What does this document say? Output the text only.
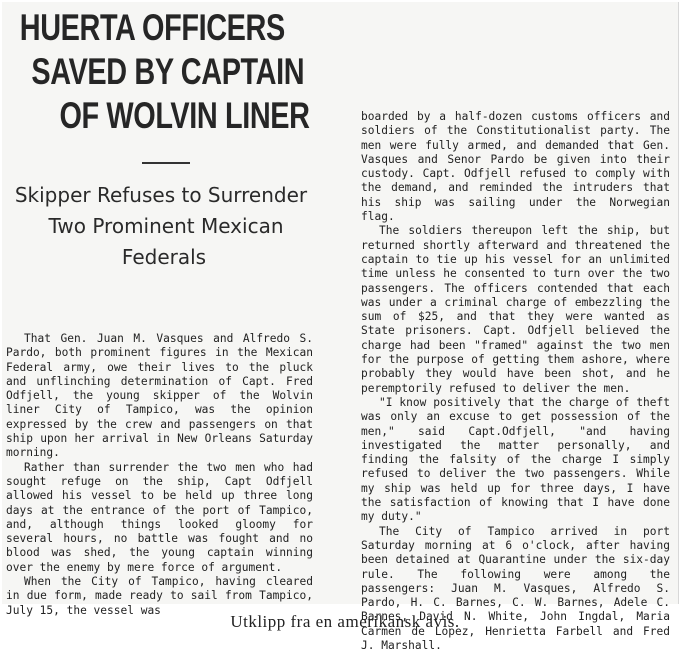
HUERTA OFFICERS
SAVED BY CAPTAIN
OF WOLVIN LINER
Skipper Refuses to Surrender
Two Prominent Mexican
Federals

That Gen. Juan M. Vasques and Alfredo S. Pardo, both prominent figures in the Mexican Federal army, owe their lives to the pluck and unflinching determination of Capt. Fred Odfjell, the young skipper of the Wolvin liner City of Tampico, was the opinion expressed by the crew and passengers on that ship upon her arrival in New Orleans Saturday morning.

Rather than surrender the two men who had sought refuge on the ship, Capt Odfjell allowed his vessel to be held up three long days at the entrance of the port of Tampico, and, although things looked gloomy for several hours, no battle was fought and no blood was shed, the young captain winning over the enemy by mere force of argument.

When the City of Tampico, having cleared in due form, made ready to sail from Tampico, July 15, the vessel was

boarded by a half-dozen customs officers and soldiers of the Constitutionalist party. The men were fully armed, and demanded that Gen. Vasques and Senor Pardo be given into their custody. Capt. Odfjell refused to comply with the demand, and reminded the intruders that his ship was sailing under the Norwegian flag.

The soldiers thereupon left the ship, but returned shortly afterward and threatened the captain to tie up his vessel for an unlimited time unless he consented to turn over the two passengers. The officers contended that each was under a criminal charge of embezzling the sum of $25, and that they were wanted as State prisoners. Capt. Odfjell believed the charge had been "framed" against the two men for the purpose of getting them ashore, where probably they would have been shot, and he peremptorily refused to deliver the men.

"I know positively that the charge of theft was only an excuse to get possession of the men," said Capt.Odfjell, "and having investigated the matter personally, and finding the falsity of the charge I simply refused to deliver the two passengers. While my ship was held up for three days, I have the satisfaction of knowing that I have done my duty."

The City of Tampico arrived in port Saturday morning at 6 o'clock, after having been detained at Quarantine under the six-day rule. The following were among the passengers: Juan M. Vasques, Alfredo S. Pardo, H. C. Barnes, C. W. Barnes, Adele C. Barnes, David N. White, John Ingdal, Maria Carmen de Lopez, Henrietta Farbell and Fred J. Marshall.

Utklipp fra en amerikansk avis.
